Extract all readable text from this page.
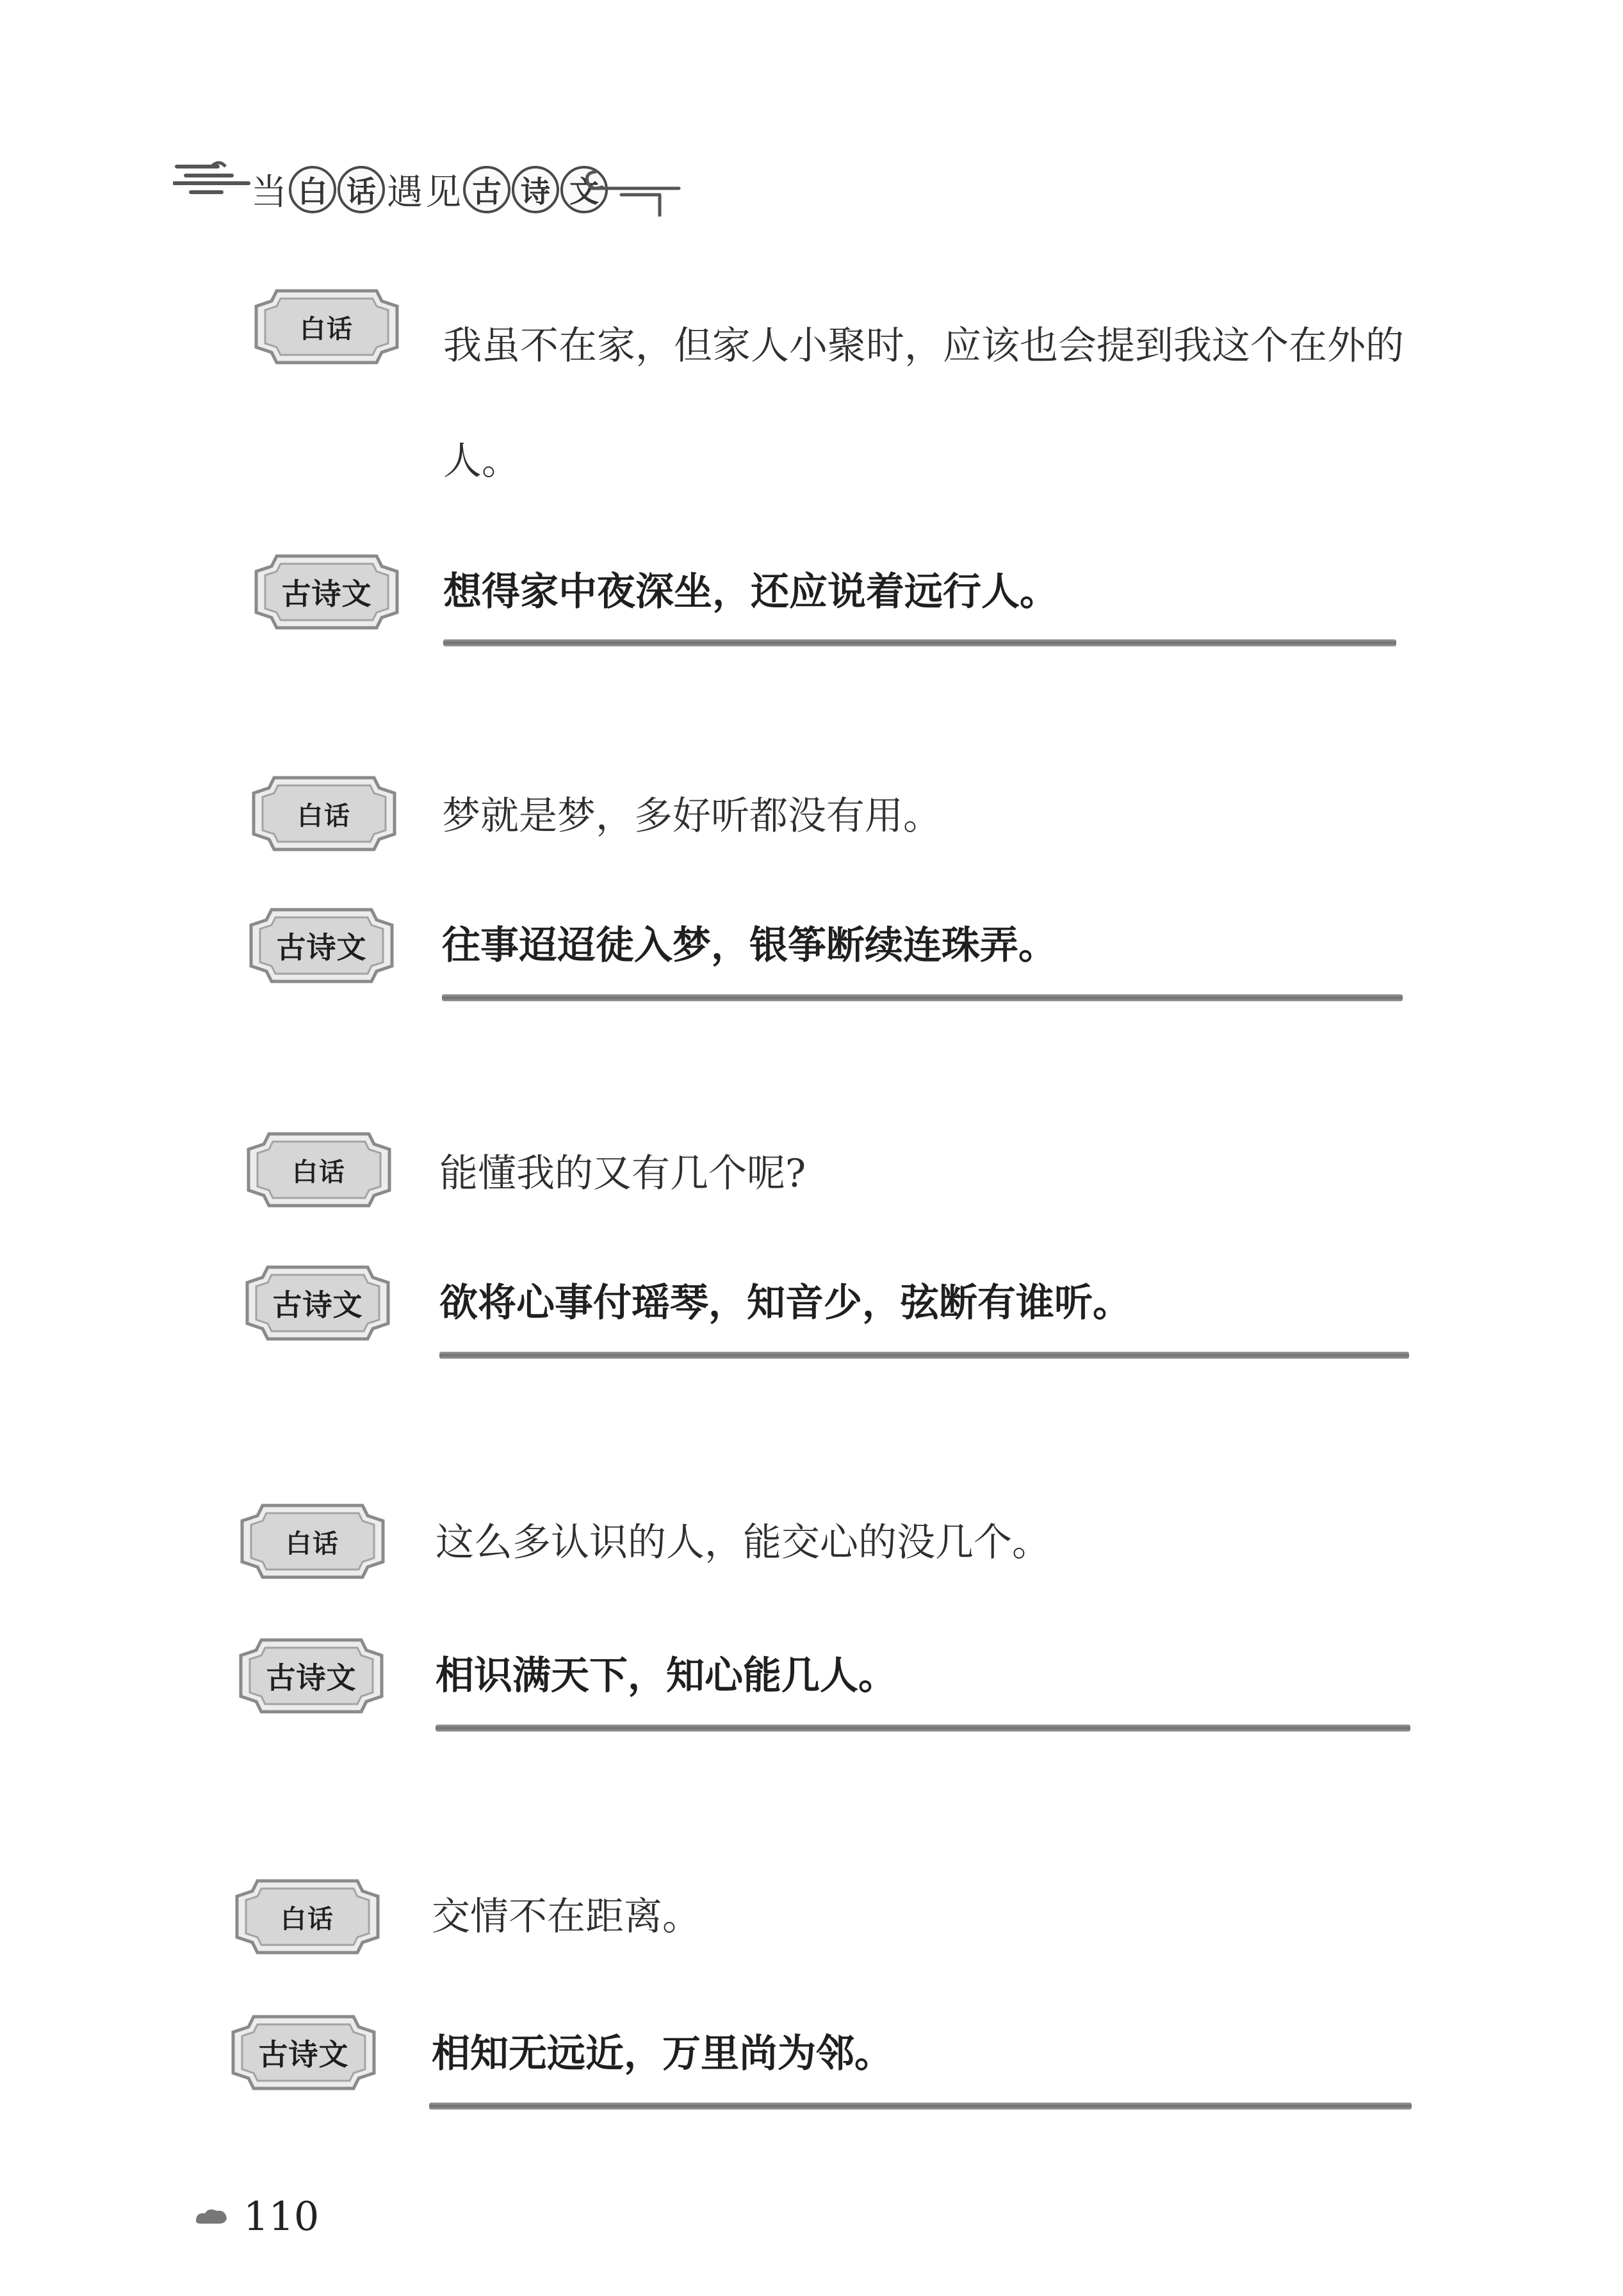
当 白 话 遇 见 古 诗 文
白话	我虽不在家，但家人小聚时，应该也会提到我这个在外的人。
古诗文	想得家中夜深坐，还应说着远行人。
白话	梦就是梦，多好听都没有用。
古诗文	往事迢迢徒入梦，银筝断续连珠弄。
白话	能懂我的又有几个呢?
古诗文	欲将心事付瑶琴，知音少，弦断有谁听。
白话	这么多认识的人，能交心的没几个。
古诗文	相识满天下，知心能几人。
白话	交情不在距离。
古诗文	相知无远近，万里尚为邻。
110
